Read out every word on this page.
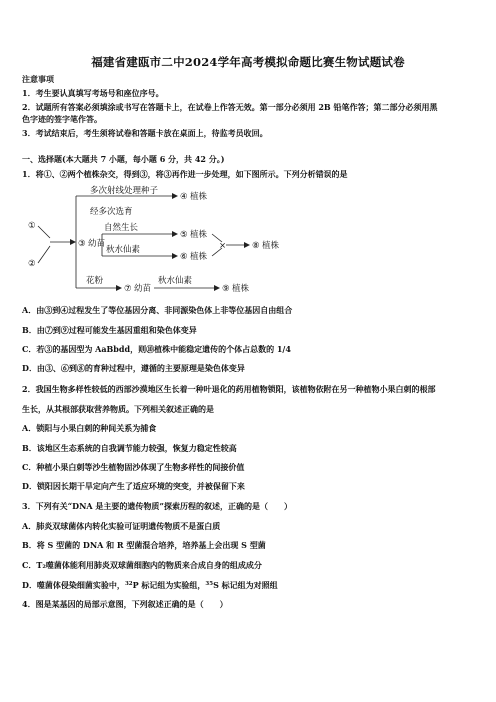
福建省建瓯市二中2024学年高考模拟命题比赛生物试题试卷
注意事项
1．考生要认真填写考场号和座位序号。
2．试题所有答案必须填涂或书写在答题卡上，在试卷上作答无效。第一部分必须用 2B 铅笔作答；第二部分必须用黑
色字迹的签字笔作答。
3．考试结束后，考生须将试卷和答题卡放在桌面上，待监考员收回。
一、选择题(本大题共 7 小题，每小题 6 分，共 42 分。)
1．将①、②两个植株杂交，得到③，将③再作进一步处理，如下图所示。下列分析错误的是
①
②
③ 幼苗
多次射线处理种子
④ 植株
经多次选育
自然生长
⑤ 植株
秋水仙素
⑥ 植株
×	⑧ 植株
花粉
⑦ 幼苗
秋水仙素
⑨ 植株
A．由③到④过程发生了等位基因分离、非同源染色体上非等位基因自由组合
B．由⑦到⑨过程可能发生基因重组和染色体变异
C．若③的基因型为 AaBbdd，则⑩植株中能稳定遗传的个体占总数的 1/4
D．由③、⑥到⑧的育种过程中，遵循的主要原理是染色体变异
2．我国生物多样性较低的西部沙漠地区生长着一种叶退化的药用植物锁阳，该植物依附在另一种植物小果白刺的根部
生长，从其根部获取营养物质。下列相关叙述正确的是
A．锁阳与小果白刺的种间关系为捕食
B．该地区生态系统的自我调节能力较强，恢复力稳定性较高
C．种植小果白刺等沙生植物固沙体现了生物多样性的间接价值
D．锁阳因长期干旱定向产生了适应环境的突变，并被保留下来
3．下列有关“DNA 是主要的遗传物质”探索历程的叙述，正确的是（　　）
A．肺炎双球菌体内转化实验可证明遗传物质不是蛋白质
B．将 S 型菌的 DNA 和 R 型菌混合培养，培养基上会出现 S 型菌
C．T₂噬菌体能利用肺炎双球菌细胞内的物质来合成自身的组成成分
D．噬菌体侵染细菌实验中，$^{32}$P 标记组为实验组，$^{35}$S 标记组为对照组
4．图是某基因的局部示意图，下列叙述正确的是（　　）
